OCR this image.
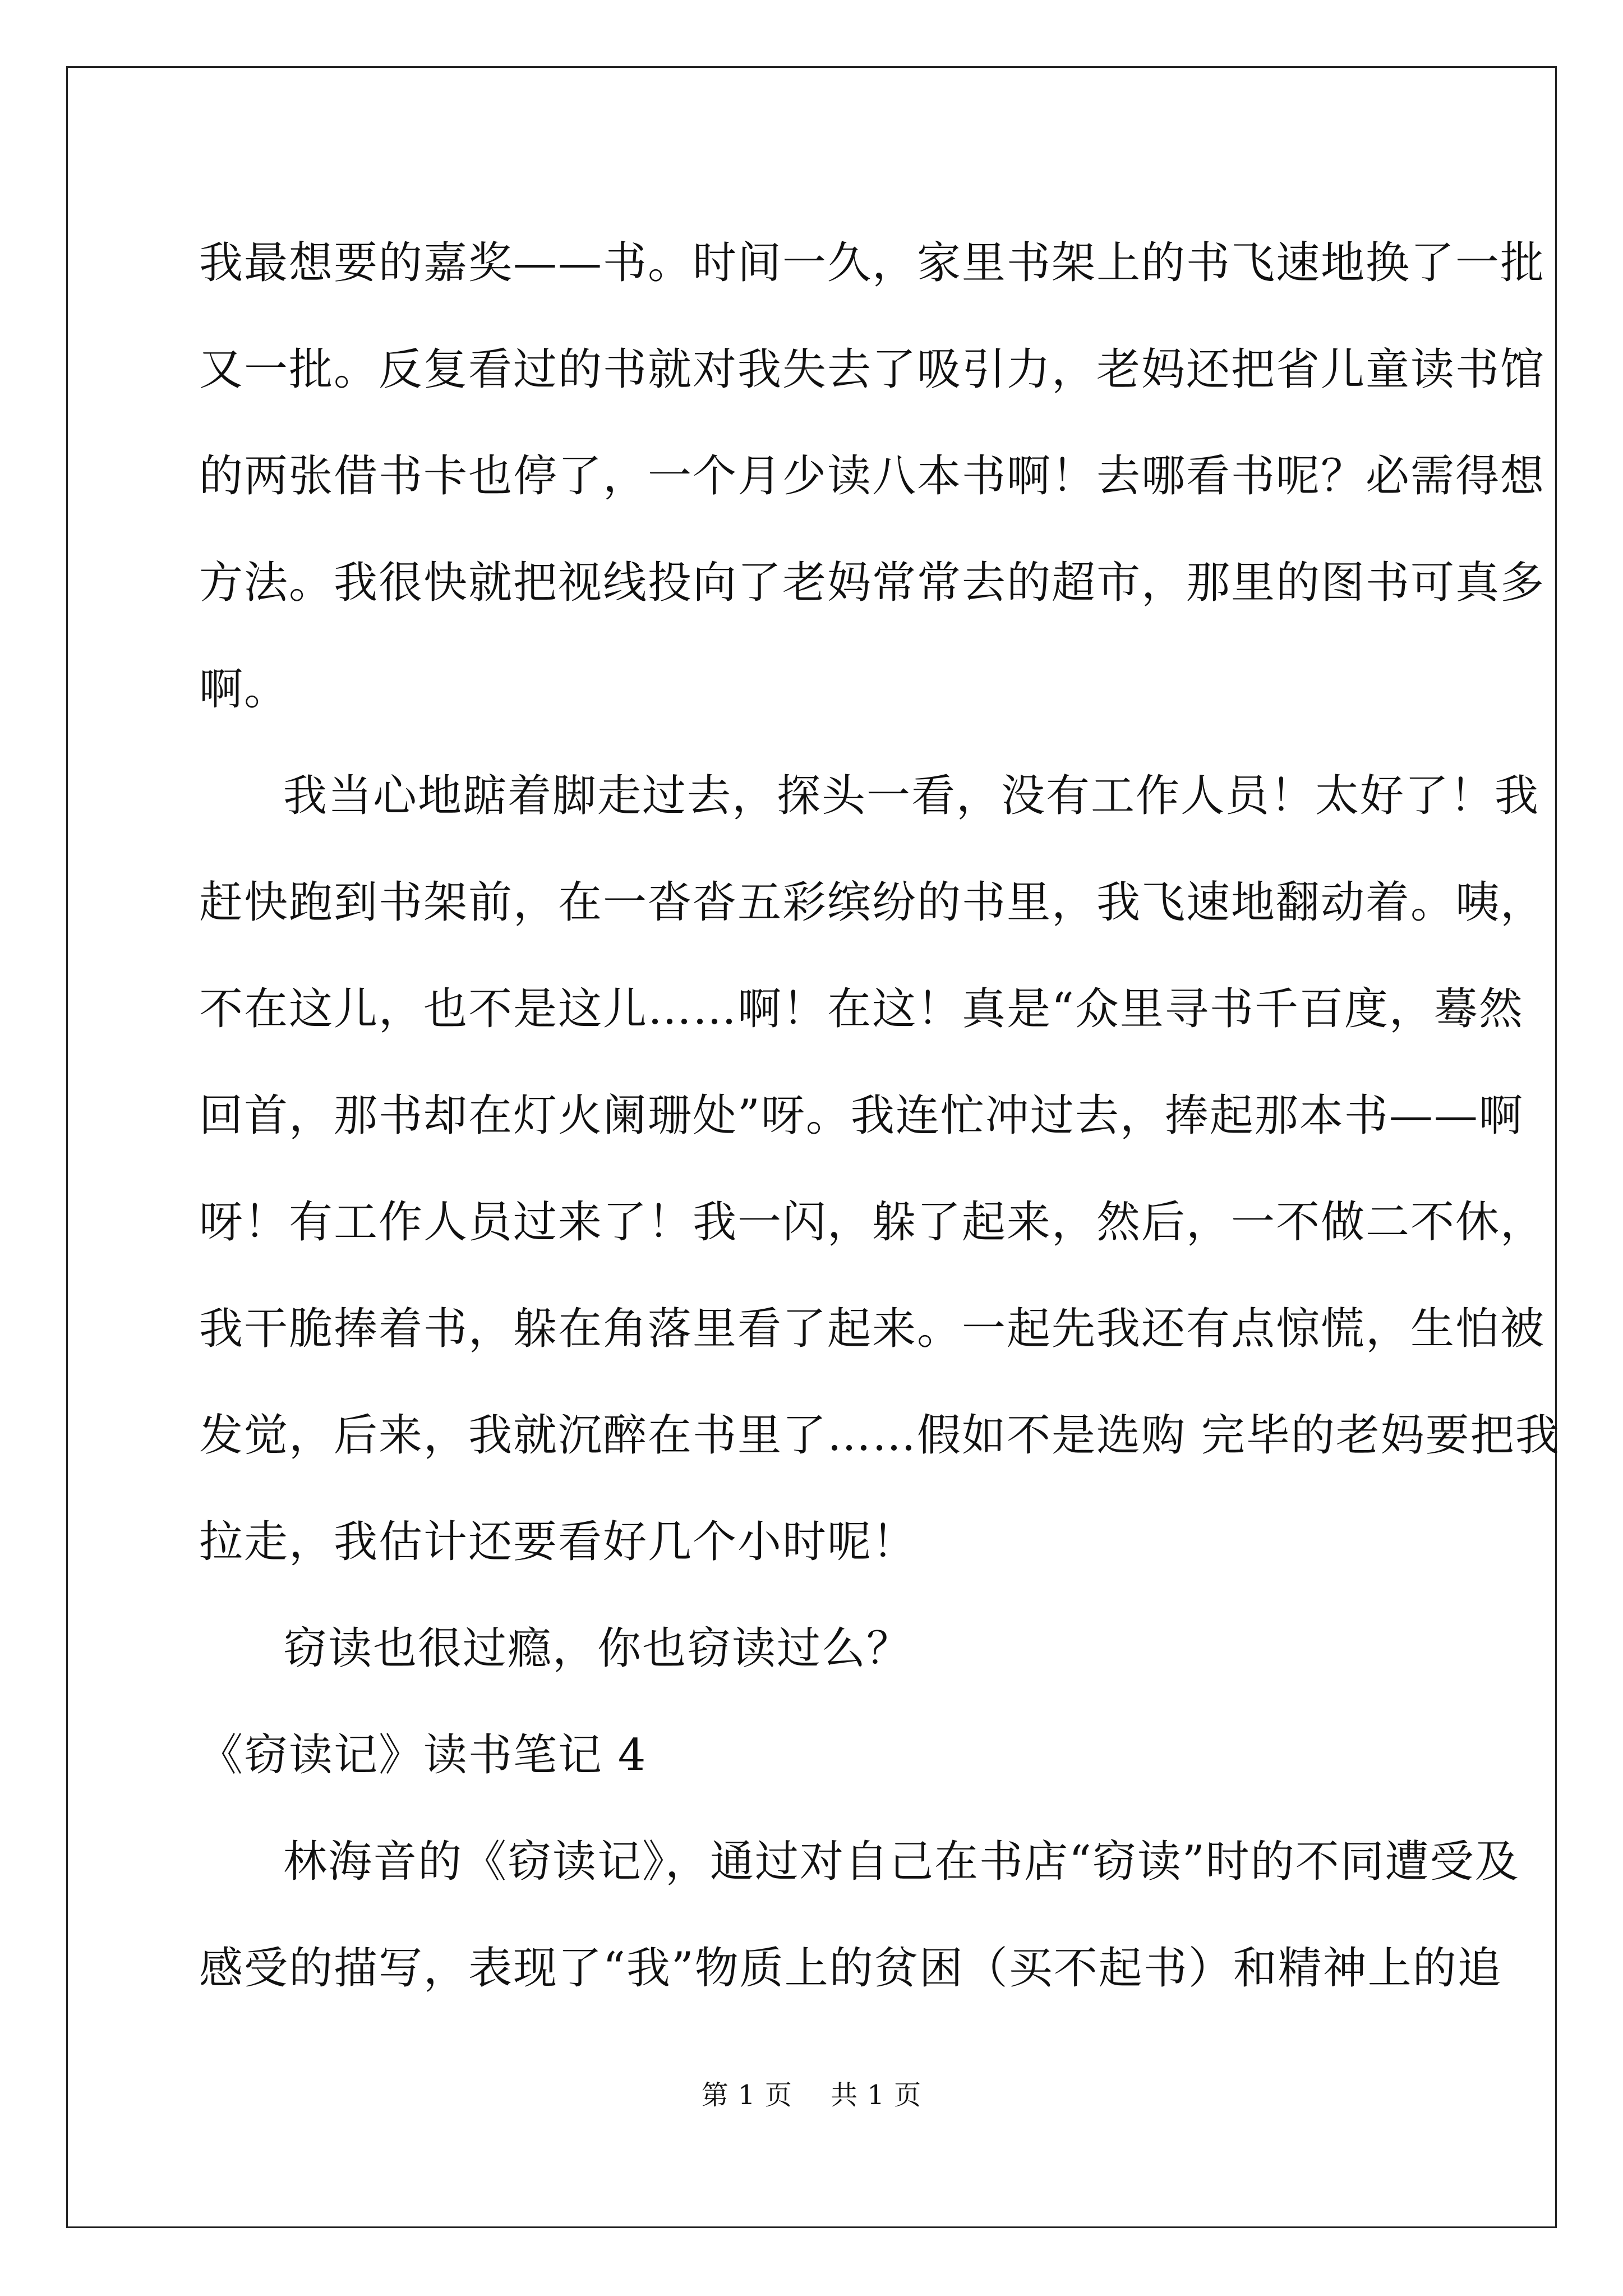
我最想要的嘉奖——书。时间一久，家里书架上的书飞速地换了一批

又一批。反复看过的书就对我失去了吸引力，老妈还把省儿童读书馆

的两张借书卡也停了，一个月少读八本书啊！去哪看书呢？必需得想

方法。我很快就把视线投向了老妈常常去的超市，那里的图书可真多

啊。

我当心地踮着脚走过去，探头一看，没有工作人员！太好了！我

赶快跑到书架前，在一沓沓五彩缤纷的书里，我飞速地翻动着。咦，

不在这儿，也不是这儿……啊！在这！真是“众里寻书千百度，蓦然

回首，那书却在灯火阑珊处”呀。我连忙冲过去，捧起那本书——啊

呀！有工作人员过来了！我一闪，躲了起来，然后，一不做二不休，

我干脆捧着书，躲在角落里看了起来。一起先我还有点惊慌，生怕被

发觉，后来，我就沉醉在书里了……假如不是选购 完毕的老妈要把我

拉走，我估计还要看好几个小时呢！

窃读也很过瘾，你也窃读过么？

《窃读记》读书笔记 4

林海音的《窃读记》，通过对自己在书店“窃读”时的不同遭受及

感受的描写，表现了“我”物质上的贫困（买不起书）和精神上的追

第 1 页 共 1 页
